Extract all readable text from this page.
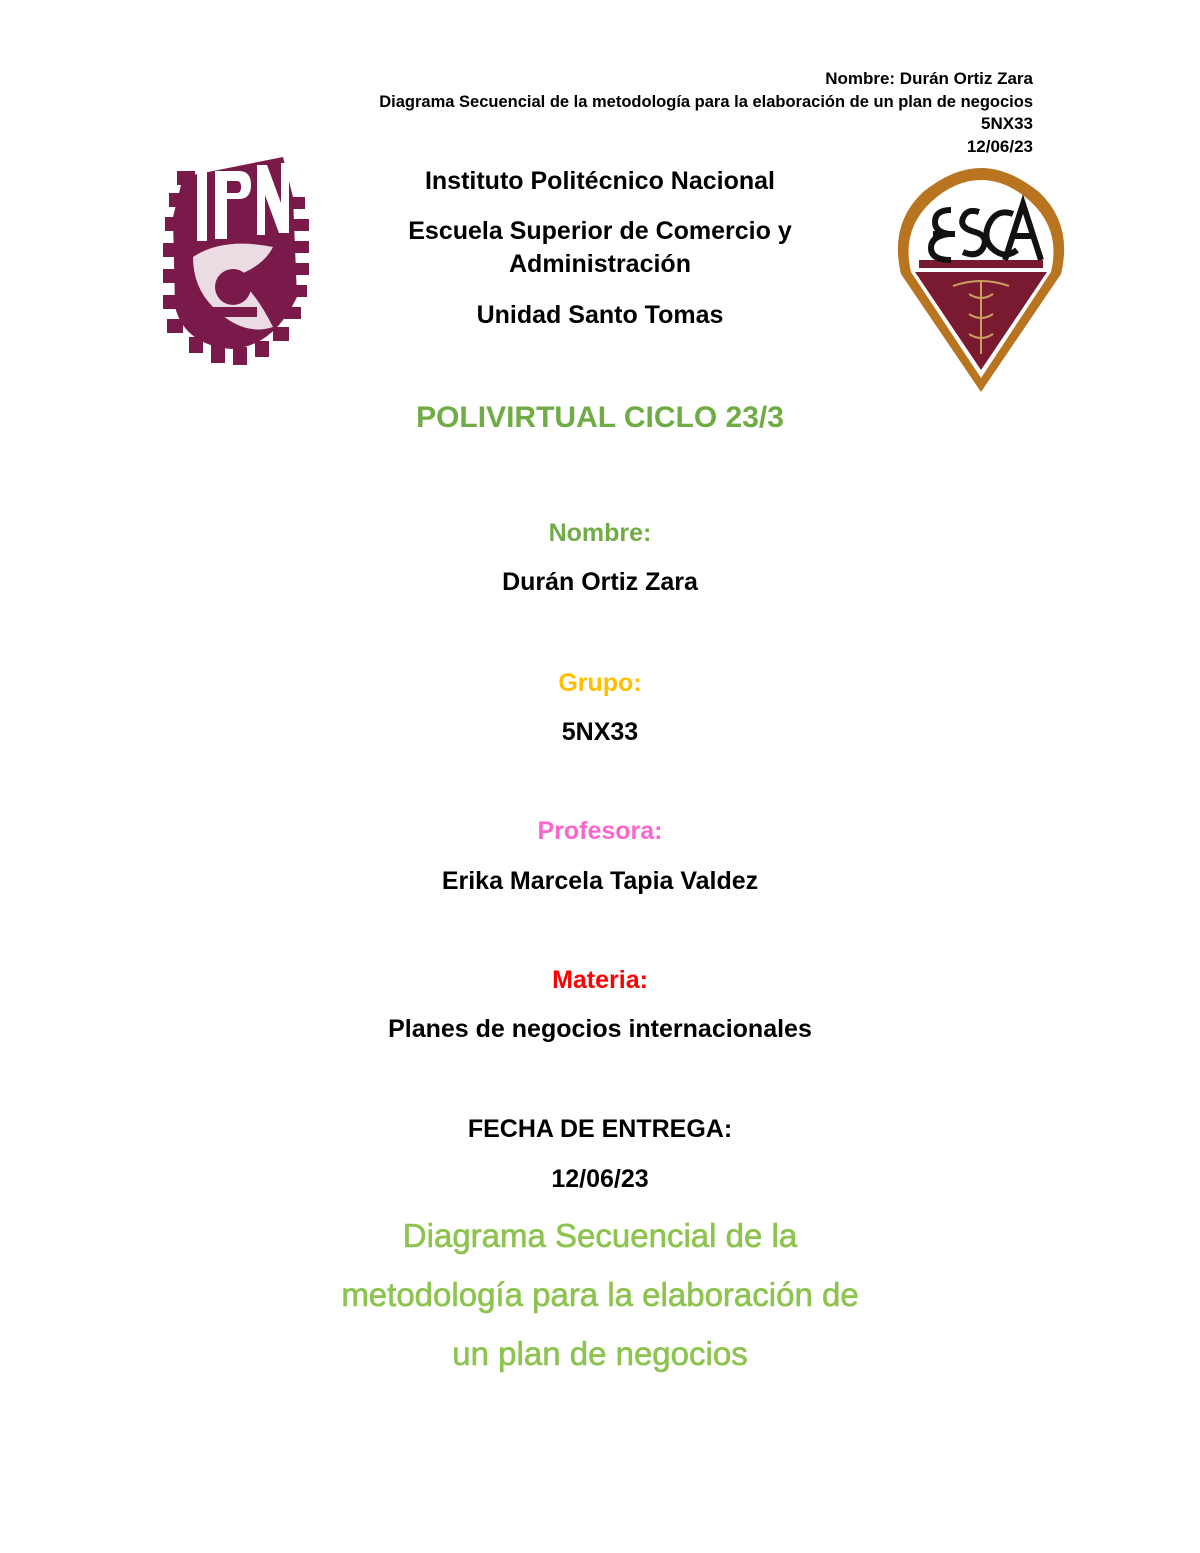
Nombre: Durán Ortiz Zara
Diagrama Secuencial de la metodología para la elaboración de un plan de negocios
5NX33
12/06/23
Instituto Politécnico Nacional
Escuela Superior de Comercio y
Administración
Unidad Santo Tomas
POLIVIRTUAL CICLO 23/3
Nombre:
Durán Ortiz Zara
Grupo:
5NX33
Profesora:
Erika Marcela Tapia Valdez
Materia:
Planes de negocios internacionales
FECHA DE ENTREGA:
12/06/23
Diagrama Secuencial de la
metodología para la elaboración de
un plan de negocios
